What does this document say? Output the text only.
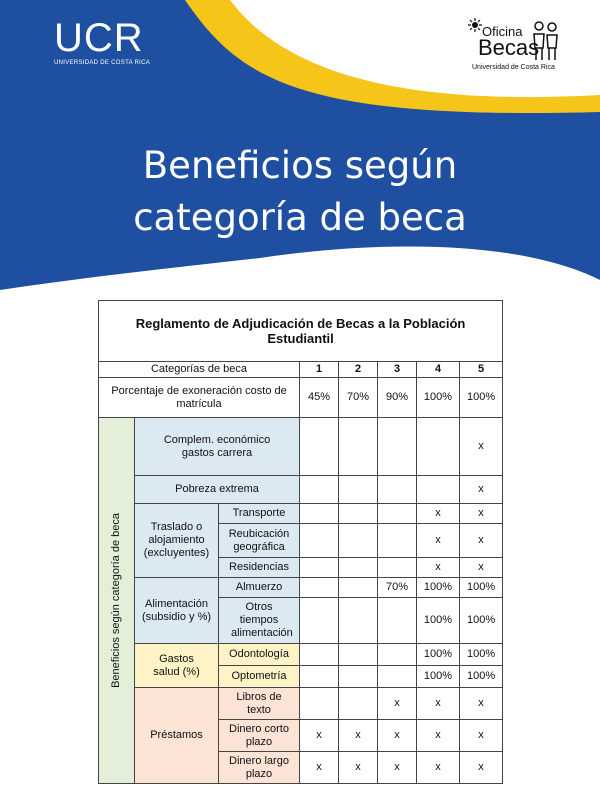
UCR
UNIVERSIDAD DE COSTA RICA
Oficina
Becas
Universidad de Costa Rica
Beneficios según
categoría de beca
Reglamento de Adjudicación de Becas a la Población Estudiantil							
Categorías de beca			1	2	3	4	5
Porcentaje de exoneración costo de matrícula			45%	70%	90%	100%	100%

Beneficios según categoría de beca	Complem. económico gastos carrera						x
	Pobreza extrema						x
	Traslado o alojamiento (excluyentes)	Transporte				x	x
		Reubicación geográfica				x	x
		Residencias				x	x
	Alimentación (subsidio y %)	Almuerzo			70%	100%	100%
		Otros tiempos alimentación				100%	100%
	Gastos salud (%)	Odontología				100%	100%
		Optometría				100%	100%
	Préstamos	Libros de texto			x	x	x
		Dinero corto plazo	x	x	x	x	x
		Dinero largo plazo	x	x	x	x	x
